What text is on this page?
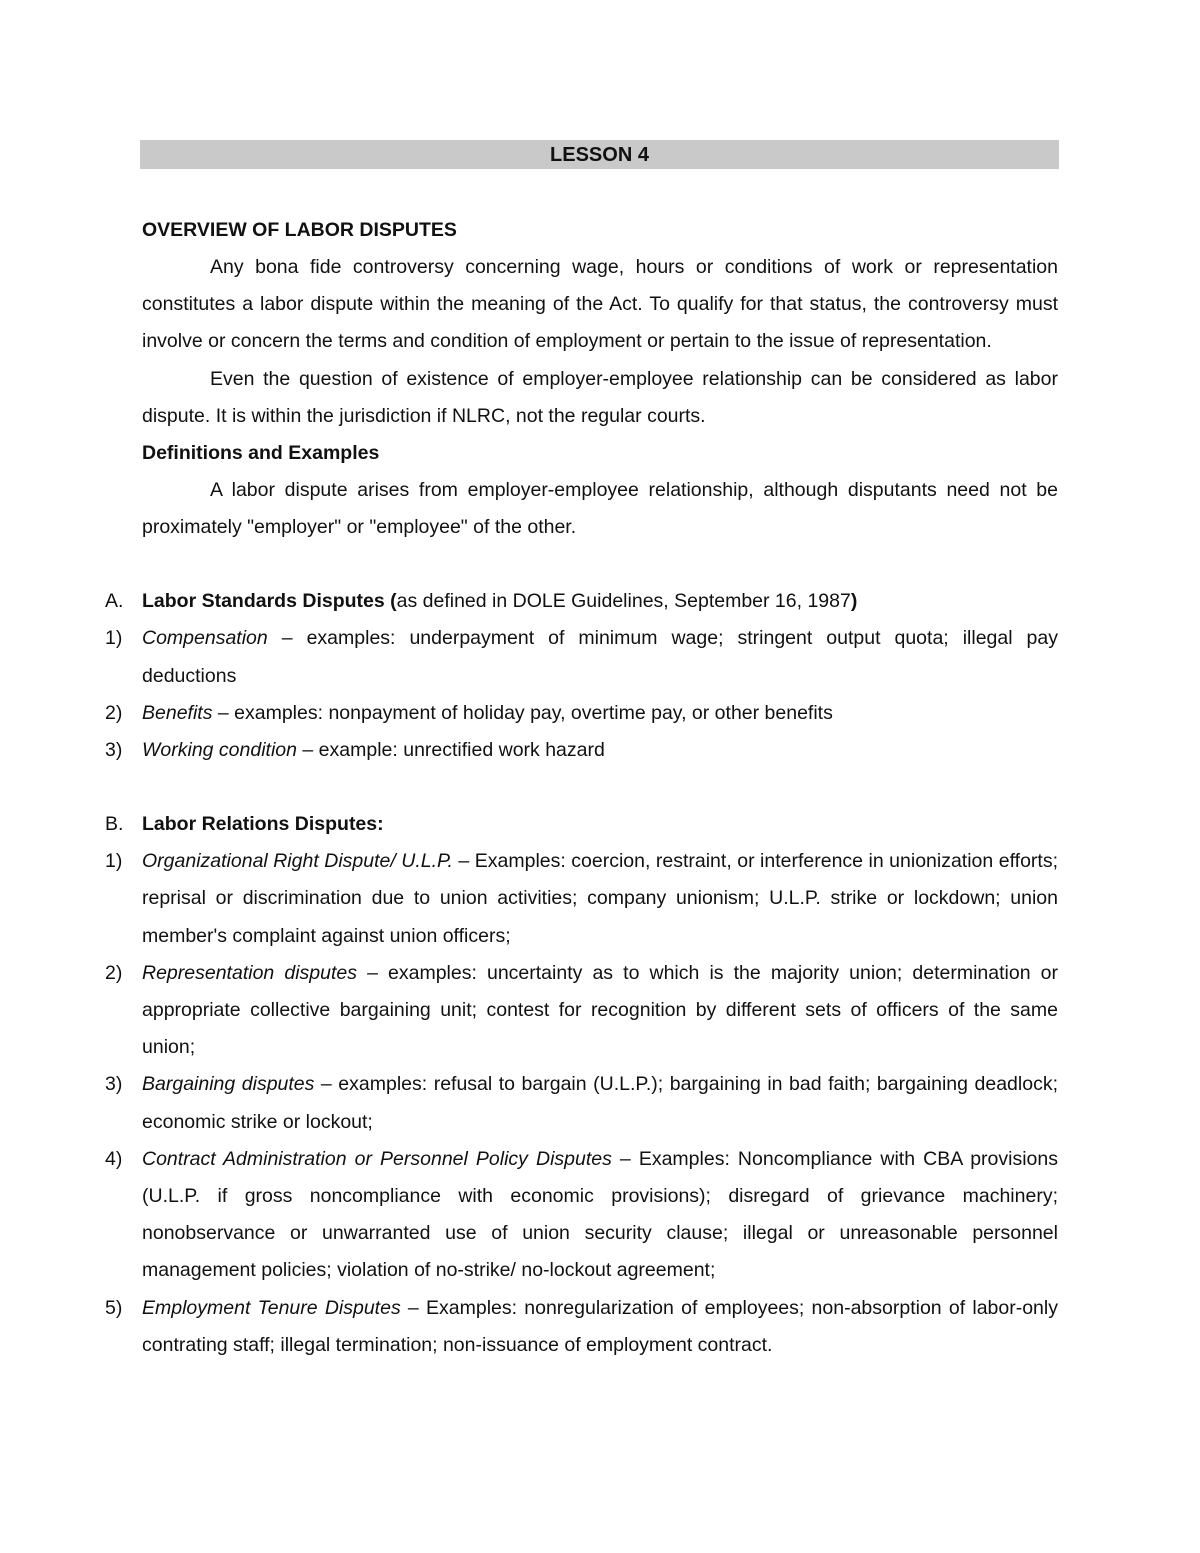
LESSON 4

OVERVIEW OF LABOR DISPUTES

Any bona fide controversy concerning wage, hours or conditions of work or representation constitutes a labor dispute within the meaning of the Act. To qualify for that status, the controversy must involve or concern the terms and condition of employment or pertain to the issue of representation.

Even the question of existence of employer-employee relationship can be considered as labor dispute. It is within the jurisdiction if NLRC, not the regular courts.

Definitions and Examples

A labor dispute arises from employer-employee relationship, although disputants need not be proximately "employer" or "employee" of the other.

A. Labor Standards Disputes (as defined in DOLE Guidelines, September 16, 1987)

1) Compensation – examples: underpayment of minimum wage; stringent output quota; illegal pay deductions
2) Benefits – examples: nonpayment of holiday pay, overtime pay, or other benefits
3) Working condition – example: unrectified work hazard

B. Labor Relations Disputes:

1) Organizational Right Dispute/ U.L.P. – Examples: coercion, restraint, or interference in unionization efforts; reprisal or discrimination due to union activities; company unionism; U.L.P. strike or lockdown; union member's complaint against union officers;
2) Representation disputes – examples: uncertainty as to which is the majority union; determination or appropriate collective bargaining unit; contest for recognition by different sets of officers of the same union;
3) Bargaining disputes – examples: refusal to bargain (U.L.P.); bargaining in bad faith; bargaining deadlock; economic strike or lockout;
4) Contract Administration or Personnel Policy Disputes – Examples: Noncompliance with CBA provisions (U.L.P. if gross noncompliance with economic provisions); disregard of grievance machinery; nonobservance or unwarranted use of union security clause; illegal or unreasonable personnel management policies; violation of no-strike/ no-lockout agreement;
5) Employment Tenure Disputes – Examples: nonregularization of employees; non-absorption of labor-only contrating staff; illegal termination; non-issuance of employment contract.
